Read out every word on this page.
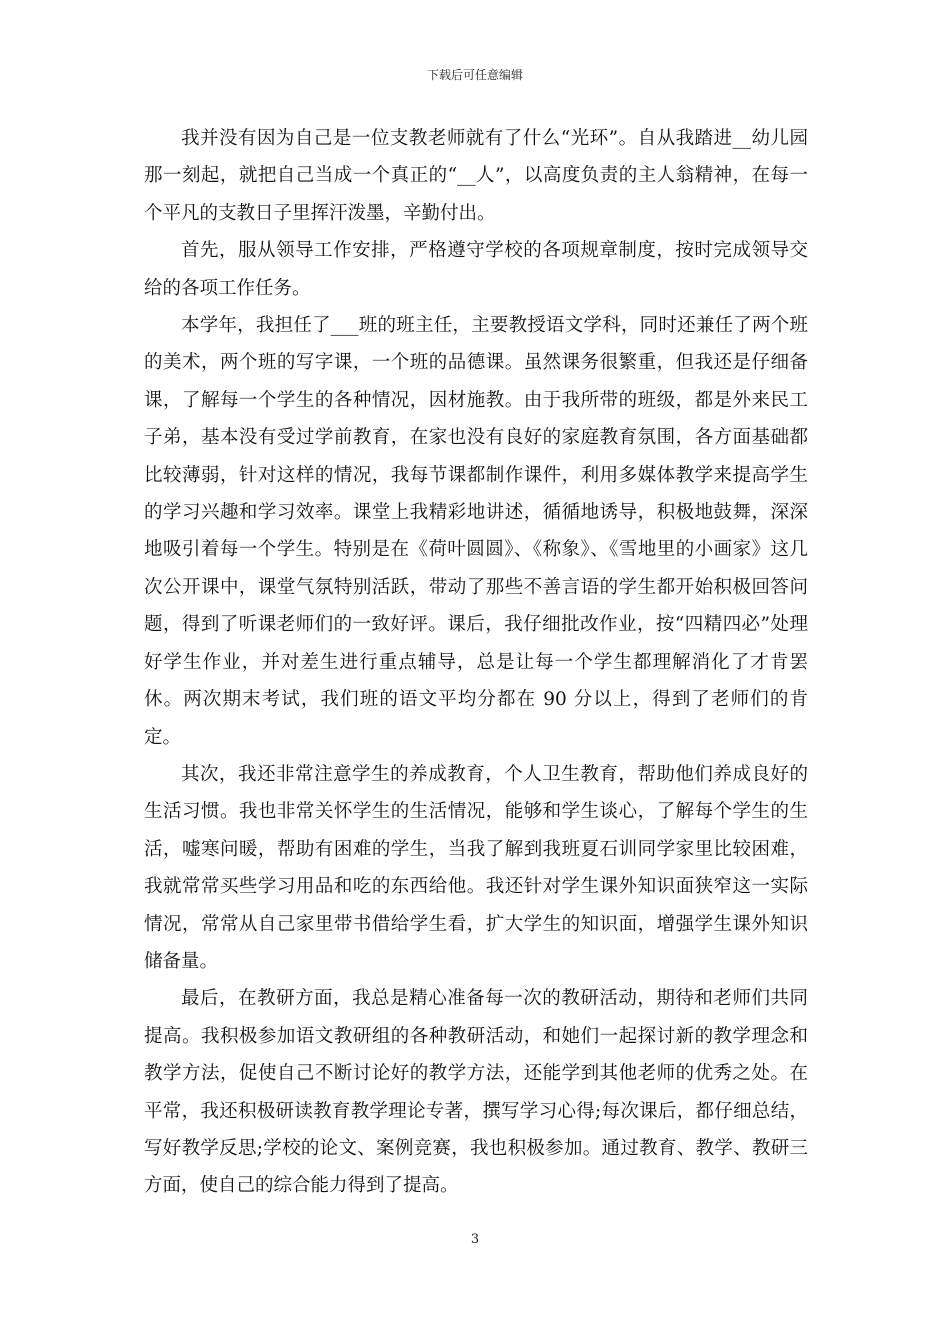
下载后可任意编辑

我并没有因为自己是一位支教老师就有了什么“光环”。自从我踏进__幼儿园那一刻起，就把自己当成一个真正的“__人”，以高度负责的主人翁精神，在每一个平凡的支教日子里挥汗泼墨，辛勤付出。

首先，服从领导工作安排，严格遵守学校的各项规章制度，按时完成领导交给的各项工作任务。

本学年，我担任了___班的班主任，主要教授语文学科，同时还兼任了两个班的美术，两个班的写字课，一个班的品德课。虽然课务很繁重，但我还是仔细备课，了解每一个学生的各种情况，因材施教。由于我所带的班级，都是外来民工子弟，基本没有受过学前教育，在家也没有良好的家庭教育氛围，各方面基础都比较薄弱，针对这样的情况，我每节课都制作课件，利用多媒体教学来提高学生的学习兴趣和学习效率。课堂上我精彩地讲述，循循地诱导，积极地鼓舞，深深地吸引着每一个学生。特别是在《荷叶圆圆》、《称象》、《雪地里的小画家》这几次公开课中，课堂气氛特别活跃，带动了那些不善言语的学生都开始积极回答问题，得到了听课老师们的一致好评。课后，我仔细批改作业，按“四精四必”处理好学生作业，并对差生进行重点辅导，总是让每一个学生都理解消化了才肯罢休。两次期末考试，我们班的语文平均分都在 90 分以上，得到了老师们的肯定。

其次，我还非常注意学生的养成教育，个人卫生教育，帮助他们养成良好的生活习惯。我也非常关怀学生的生活情况，能够和学生谈心，了解每个学生的生活，嘘寒问暖，帮助有困难的学生，当我了解到我班夏石训同学家里比较困难，我就常常买些学习用品和吃的东西给他。我还针对学生课外知识面狭窄这一实际情况，常常从自己家里带书借给学生看，扩大学生的知识面，增强学生课外知识储备量。

最后，在教研方面，我总是精心准备每一次的教研活动，期待和老师们共同提高。我积极参加语文教研组的各种教研活动，和她们一起探讨新的教学理念和教学方法，促使自己不断讨论好的教学方法，还能学到其他老师的优秀之处。在平常，我还积极研读教育教学理论专著，撰写学习心得;每次课后，都仔细总结，写好教学反思;学校的论文、案例竞赛，我也积极参加。通过教育、教学、教研三方面，使自己的综合能力得到了提高。

3
